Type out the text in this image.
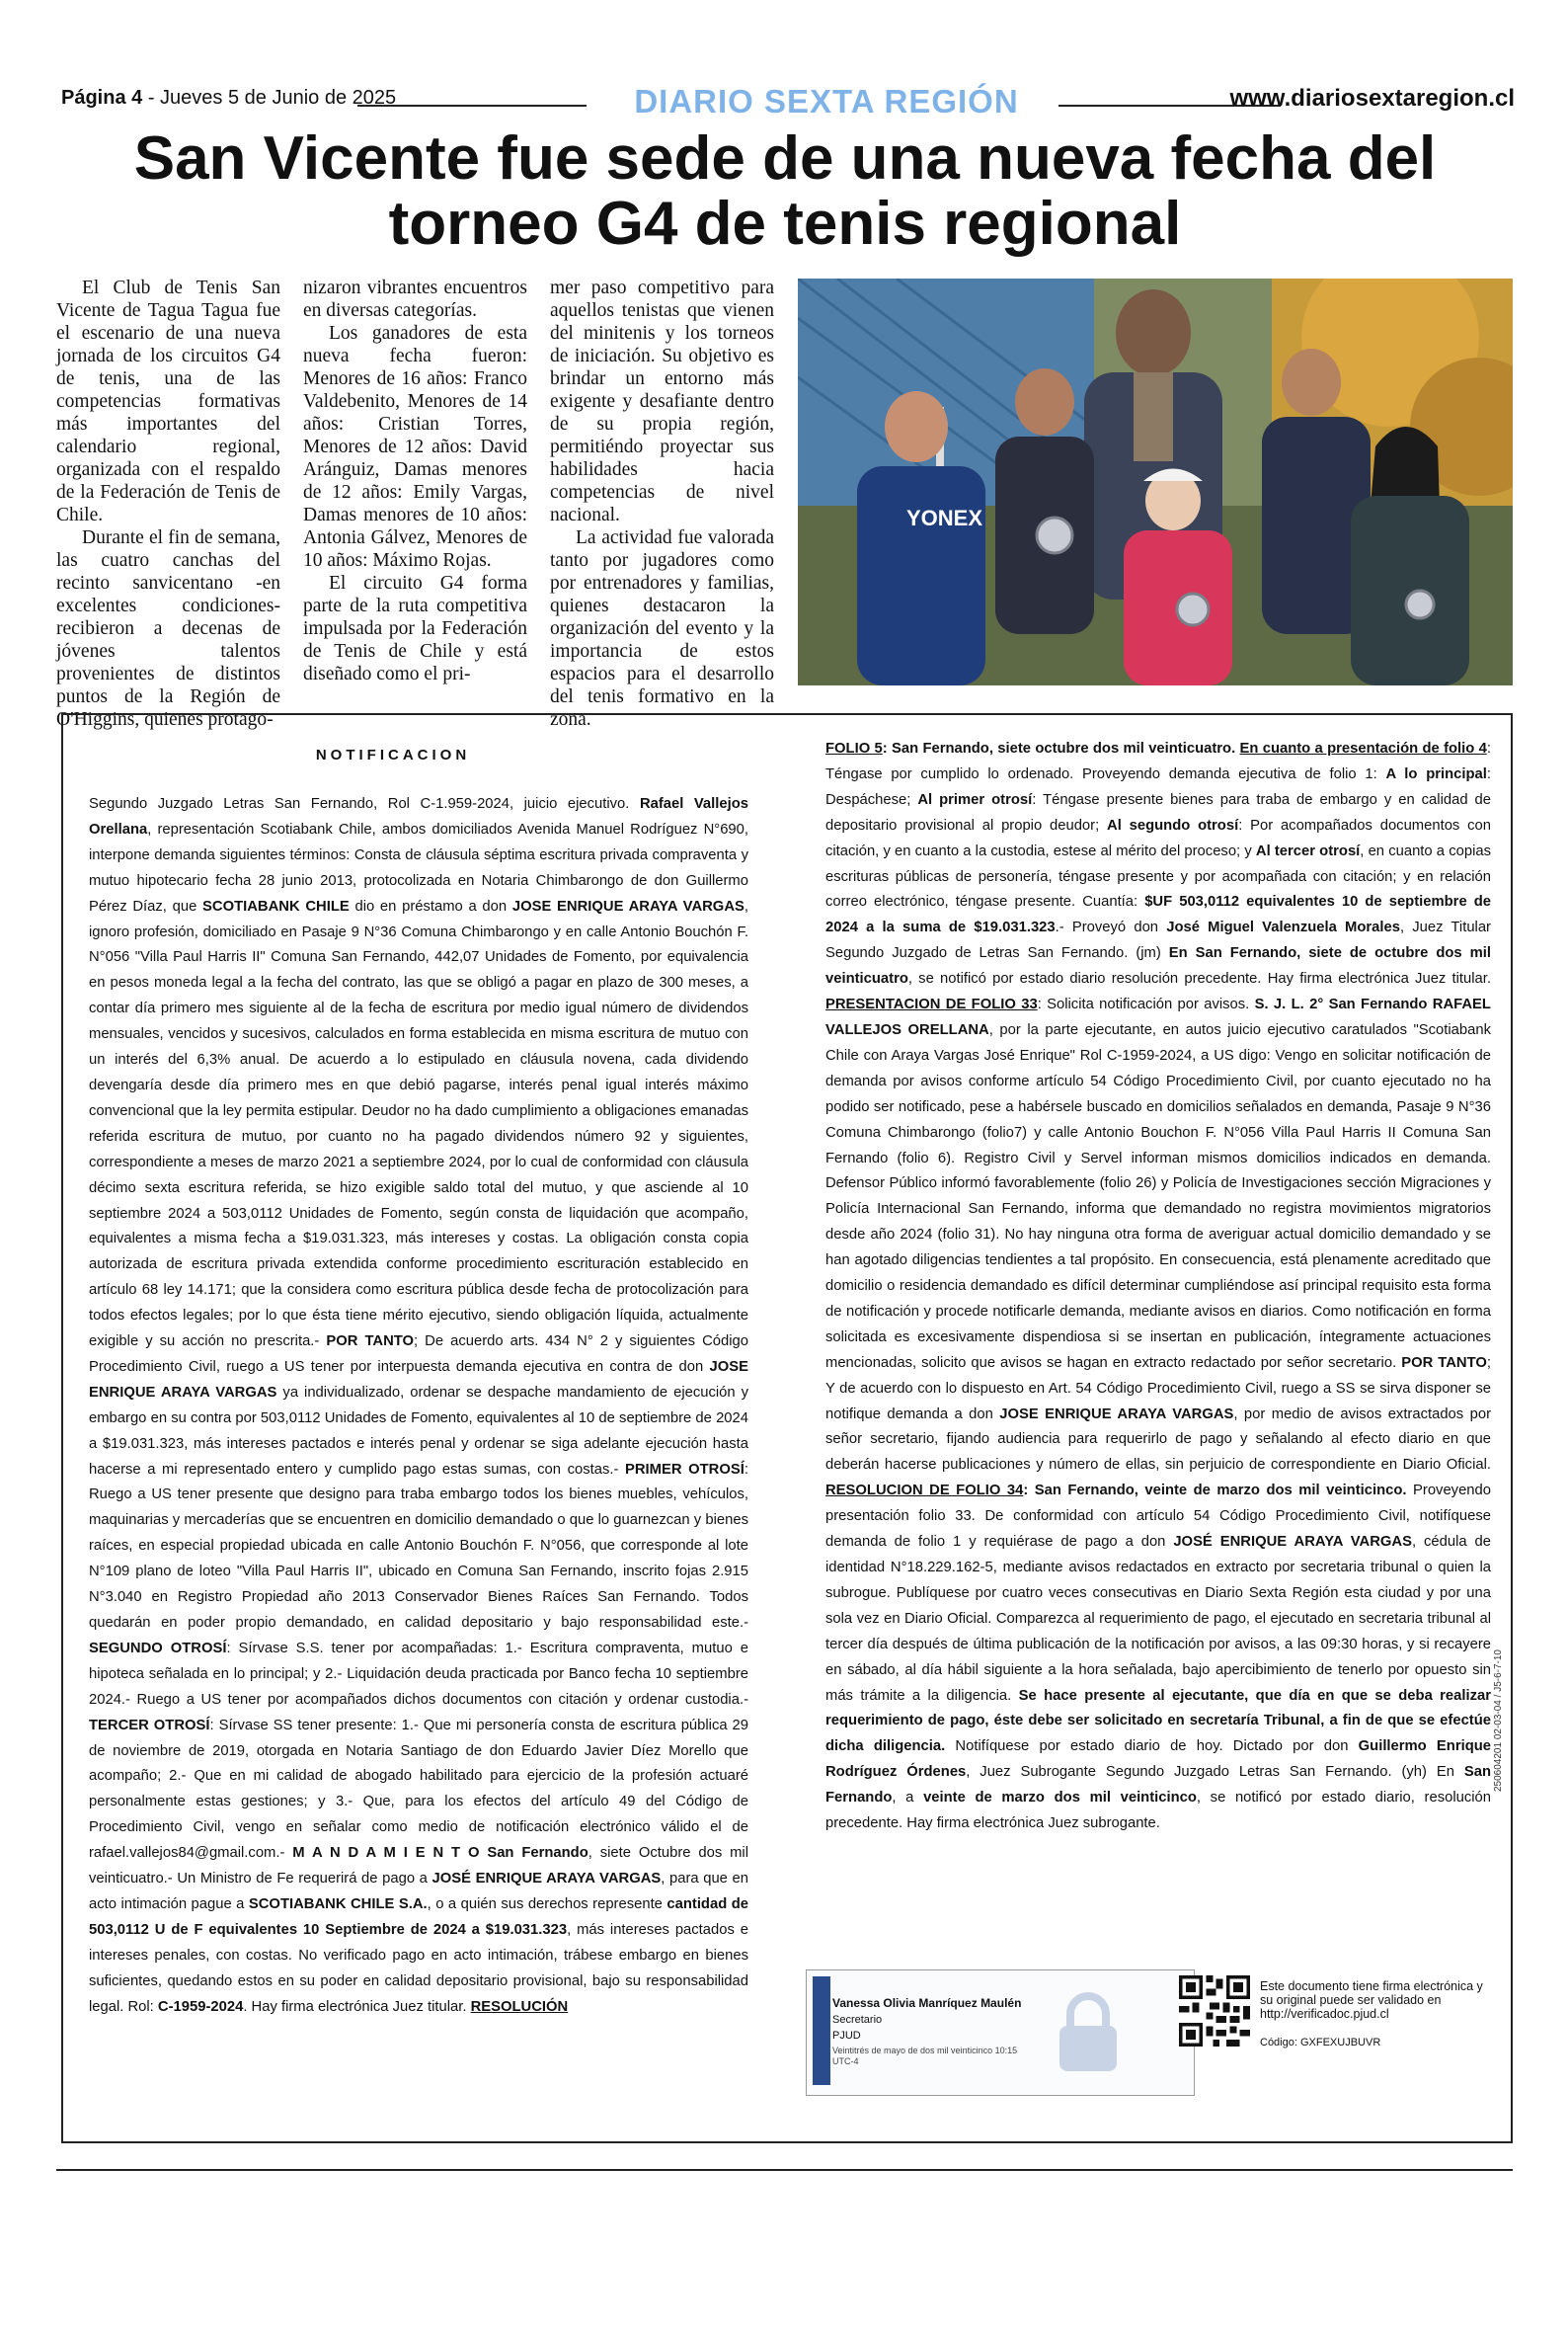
Página 4 - Jueves 5 de Junio de 2025	DIARIO SEXTA REGIÓN	www.diariosextaregion.cl
San Vicente fue sede de una nueva fecha del torneo G4 de tenis regional

El Club de Tenis San Vicente de Tagua Tagua fue el escenario de una nueva jornada de los circuitos G4 de tenis, una de las competencias formativas más importantes del calendario regional, organizada con el respaldo de la Federación de Tenis de Chile.

Durante el fin de semana, las cuatro canchas del recinto sanvicentano -en excelentes condiciones- recibieron a decenas de jóvenes talentos provenientes de distintos puntos de la Región de O'Higgins, quienes protago-

nizaron vibrantes encuentros en diversas categorías.

Los ganadores de esta nueva fecha fueron: Menores de 16 años: Franco Valdebenito, Menores de 14 años: Cristian Torres, Menores de 12 años: David Aránguiz, Damas menores de 12 años: Emily Vargas, Damas menores de 10 años: Antonia Gálvez, Menores de 10 años: Máximo Rojas.

El circuito G4 forma parte de la ruta competitiva impulsada por la Federación de Tenis de Chile y está diseñado como el pri-

mer paso competitivo para aquellos tenistas que vienen del minitenis y los torneos de iniciación. Su objetivo es brindar un entorno más exigente y desafiante dentro de su propia región, permitiéndo proyectar sus habilidades hacia competencias de nivel nacional.

La actividad fue valorada tanto por jugadores como por entrenadores y familias, quienes destacaron la organización del evento y la importancia de estos espacios para el desarrollo del tenis formativo en la zona.

YONEX
NOTIFICACION
Segundo Juzgado Letras San Fernando, Rol C-1.959-2024, juicio ejecutivo. Rafael Vallejos Orellana, representación Scotiabank Chile, ambos domiciliados Avenida Manuel Rodríguez N°690, interpone demanda siguientes términos: Consta de cláusula séptima escritura privada compraventa y mutuo hipotecario fecha 28 junio 2013, protocolizada en Notaria Chimbarongo de don Guillermo Pérez Díaz, que SCOTIABANK CHILE dio en préstamo a don JOSE ENRIQUE ARAYA VARGAS, ignoro profesión, domiciliado en Pasaje 9 N°36 Comuna Chimbarongo y en calle Antonio Bouchón F. N°056 "Villa Paul Harris II" Comuna San Fernando, 442,07 Unidades de Fomento, por equivalencia en pesos moneda legal a la fecha del contrato, las que se obligó a pagar en plazo de 300 meses, a contar día primero mes siguiente al de la fecha de escritura por medio igual número de dividendos mensuales, vencidos y sucesivos, calculados en forma establecida en misma escritura de mutuo con un interés del 6,3% anual. De acuerdo a lo estipulado en cláusula novena, cada dividendo devengaría desde día primero mes en que debió pagarse, interés penal igual interés máximo convencional que la ley permita estipular. Deudor no ha dado cumplimiento a obligaciones emanadas referida escritura de mutuo, por cuanto no ha pagado dividendos número 92 y siguientes, correspondiente a meses de marzo 2021 a septiembre 2024, por lo cual de conformidad con cláusula décimo sexta escritura referida, se hizo exigible saldo total del mutuo, y que asciende al 10 septiembre 2024 a 503,0112 Unidades de Fomento, según consta de liquidación que acompaño, equivalentes a misma fecha a $19.031.323, más intereses y costas. La obligación consta copia autorizada de escritura privada extendida conforme procedimiento escrituración establecido en artículo 68 ley 14.171; que la considera como escritura pública desde fecha de protocolización para todos efectos legales; por lo que ésta tiene mérito ejecutivo, siendo obligación líquida, actualmente exigible y su acción no prescrita.- POR TANTO; De acuerdo arts. 434 N° 2 y siguientes Código Procedimiento Civil, ruego a US tener por interpuesta demanda ejecutiva en contra de don JOSE ENRIQUE ARAYA VARGAS ya individualizado, ordenar se despache mandamiento de ejecución y embargo en su contra por 503,0112 Unidades de Fomento, equivalentes al 10 de septiembre de 2024 a $19.031.323, más intereses pactados e interés penal y ordenar se siga adelante ejecución hasta hacerse a mi representado entero y cumplido pago estas sumas, con costas.- PRIMER OTROSÍ: Ruego a US tener presente que designo para traba embargo todos los bienes muebles, vehículos, maquinarias y mercaderías que se encuentren en domicilio demandado o que lo guarnezcan y bienes raíces, en especial propiedad ubicada en calle Antonio Bouchón F. N°056, que corresponde al lote N°109 plano de loteo "Villa Paul Harris II", ubicado en Comuna San Fernando, inscrito fojas 2.915 N°3.040 en Registro Propiedad año 2013 Conservador Bienes Raíces San Fernando. Todos quedarán en poder propio demandado, en calidad depositario y bajo responsabilidad este.- SEGUNDO OTROSÍ: Sírvase S.S. tener por acompañadas: 1.- Escritura compraventa, mutuo e hipoteca señalada en lo principal; y 2.- Liquidación deuda practicada por Banco fecha 10 septiembre 2024.- Ruego a US tener por acompañados dichos documentos con citación y ordenar custodia.- TERCER OTROSÍ: Sírvase SS tener presente: 1.- Que mi personería consta de escritura pública 29 de noviembre de 2019, otorgada en Notaria Santiago de don Eduardo Javier Díez Morello que acompaño; 2.- Que en mi calidad de abogado habilitado para ejercicio de la profesión actuaré personalmente estas gestiones; y 3.- Que, para los efectos del artículo 49 del Código de Procedimiento Civil, vengo en señalar como medio de notificación electrónico válido el de rafael.vallejos84@gmail.com.- M A N D A M I E N T O San Fernando, siete Octubre dos mil veinticuatro.- Un Ministro de Fe requerirá de pago a JOSÉ ENRIQUE ARAYA VARGAS, para que en acto intimación pague a SCOTIABANK CHILE S.A., o a quién sus derechos represente cantidad de 503,0112 U de F equivalentes 10 Septiembre de 2024 a $19.031.323, más intereses pactados e intereses penales, con costas. No verificado pago en acto intimación, trábese embargo en bienes suficientes, quedando estos en su poder en calidad depositario provisional, bajo su responsabilidad legal. Rol: C-1959-2024. Hay firma electrónica Juez titular. RESOLUCIÓN
FOLIO 5: San Fernando, siete octubre dos mil veinticuatro. En cuanto a presentación de folio 4: Téngase por cumplido lo ordenado. Proveyendo demanda ejecutiva de folio 1: A lo principal: Despáchese; Al primer otrosí: Téngase presente bienes para traba de embargo y en calidad de depositario provisional al propio deudor; Al segundo otrosí: Por acompañados documentos con citación, y en cuanto a la custodia, estese al mérito del proceso; y Al tercer otrosí, en cuanto a copias escrituras públicas de personería, téngase presente y por acompañada con citación; y en relación correo electrónico, téngase presente. Cuantía: $UF 503,0112 equivalentes 10 de septiembre de 2024 a la suma de $19.031.323.- Proveyó don José Miguel Valenzuela Morales, Juez Titular Segundo Juzgado de Letras San Fernando. (jm) En San Fernando, siete de octubre dos mil veinticuatro, se notificó por estado diario resolución precedente. Hay firma electrónica Juez titular. PRESENTACION DE FOLIO 33: Solicita notificación por avisos. S. J. L. 2° San Fernando RAFAEL VALLEJOS ORELLANA, por la parte ejecutante, en autos juicio ejecutivo caratulados "Scotiabank Chile con Araya Vargas José Enrique" Rol C-1959-2024, a US digo: Vengo en solicitar notificación de demanda por avisos conforme artículo 54 Código Procedimiento Civil, por cuanto ejecutado no ha podido ser notificado, pese a habérsele buscado en domicilios señalados en demanda, Pasaje 9 N°36 Comuna Chimbarongo (folio7) y calle Antonio Bouchon F. N°056 Villa Paul Harris II Comuna San Fernando (folio 6). Registro Civil y Servel informan mismos domicilios indicados en demanda. Defensor Público informó favorablemente (folio 26) y Policía de Investigaciones sección Migraciones y Policía Internacional San Fernando, informa que demandado no registra movimientos migratorios desde año 2024 (folio 31). No hay ninguna otra forma de averiguar actual domicilio demandado y se han agotado diligencias tendientes a tal propósito. En consecuencia, está plenamente acreditado que domicilio o residencia demandado es difícil determinar cumpliéndose así principal requisito esta forma de notificación y procede notificarle demanda, mediante avisos en diarios. Como notificación en forma solicitada es excesivamente dispendiosa si se insertan en publicación, íntegramente actuaciones mencionadas, solicito que avisos se hagan en extracto redactado por señor secretario. POR TANTO; Y de acuerdo con lo dispuesto en Art. 54 Código Procedimiento Civil, ruego a SS se sirva disponer se notifique demanda a don JOSE ENRIQUE ARAYA VARGAS, por medio de avisos extractados por señor secretario, fijando audiencia para requerirlo de pago y señalando al efecto diario en que deberán hacerse publicaciones y número de ellas, sin perjuicio de correspondiente en Diario Oficial. RESOLUCION DE FOLIO 34: San Fernando, veinte de marzo dos mil veinticinco. Proveyendo presentación folio 33. De conformidad con artículo 54 Código Procedimiento Civil, notifíquese demanda de folio 1 y requiérase de pago a don JOSÉ ENRIQUE ARAYA VARGAS, cédula de identidad N°18.229.162-5, mediante avisos redactados en extracto por secretaria tribunal o quien la subrogue. Publíquese por cuatro veces consecutivas en Diario Sexta Región esta ciudad y por una sola vez en Diario Oficial. Comparezca al requerimiento de pago, el ejecutado en secretaria tribunal al tercer día después de última publicación de la notificación por avisos, a las 09:30 horas, y si recayere en sábado, al día hábil siguiente a la hora señalada, bajo apercibimiento de tenerlo por opuesto sin más trámite a la diligencia. Se hace presente al ejecutante, que día en que se deba realizar requerimiento de pago, éste debe ser solicitado en secretaría Tribunal, a fin de que se efectúe dicha diligencia. Notifíquese por estado diario de hoy. Dictado por don Guillermo Enrique Rodríguez Órdenes, Juez Subrogante Segundo Juzgado Letras San Fernando. (yh) En San Fernando, a veinte de marzo dos mil veinticinco, se notificó por estado diario, resolución precedente. Hay firma electrónica Juez subrogante.
Vanessa Olivia Manríquez Maulén
Secretario
PJUD
Veintitrés de mayo de dos mil veinticinco 10:15 UTC-4
Este documento tiene firma electrónica y su original puede ser validado en http://verificadoc.pjud.cl
Código: GXFEXUJBUVR
250604201 02-03-04 / J5-6-7-10
